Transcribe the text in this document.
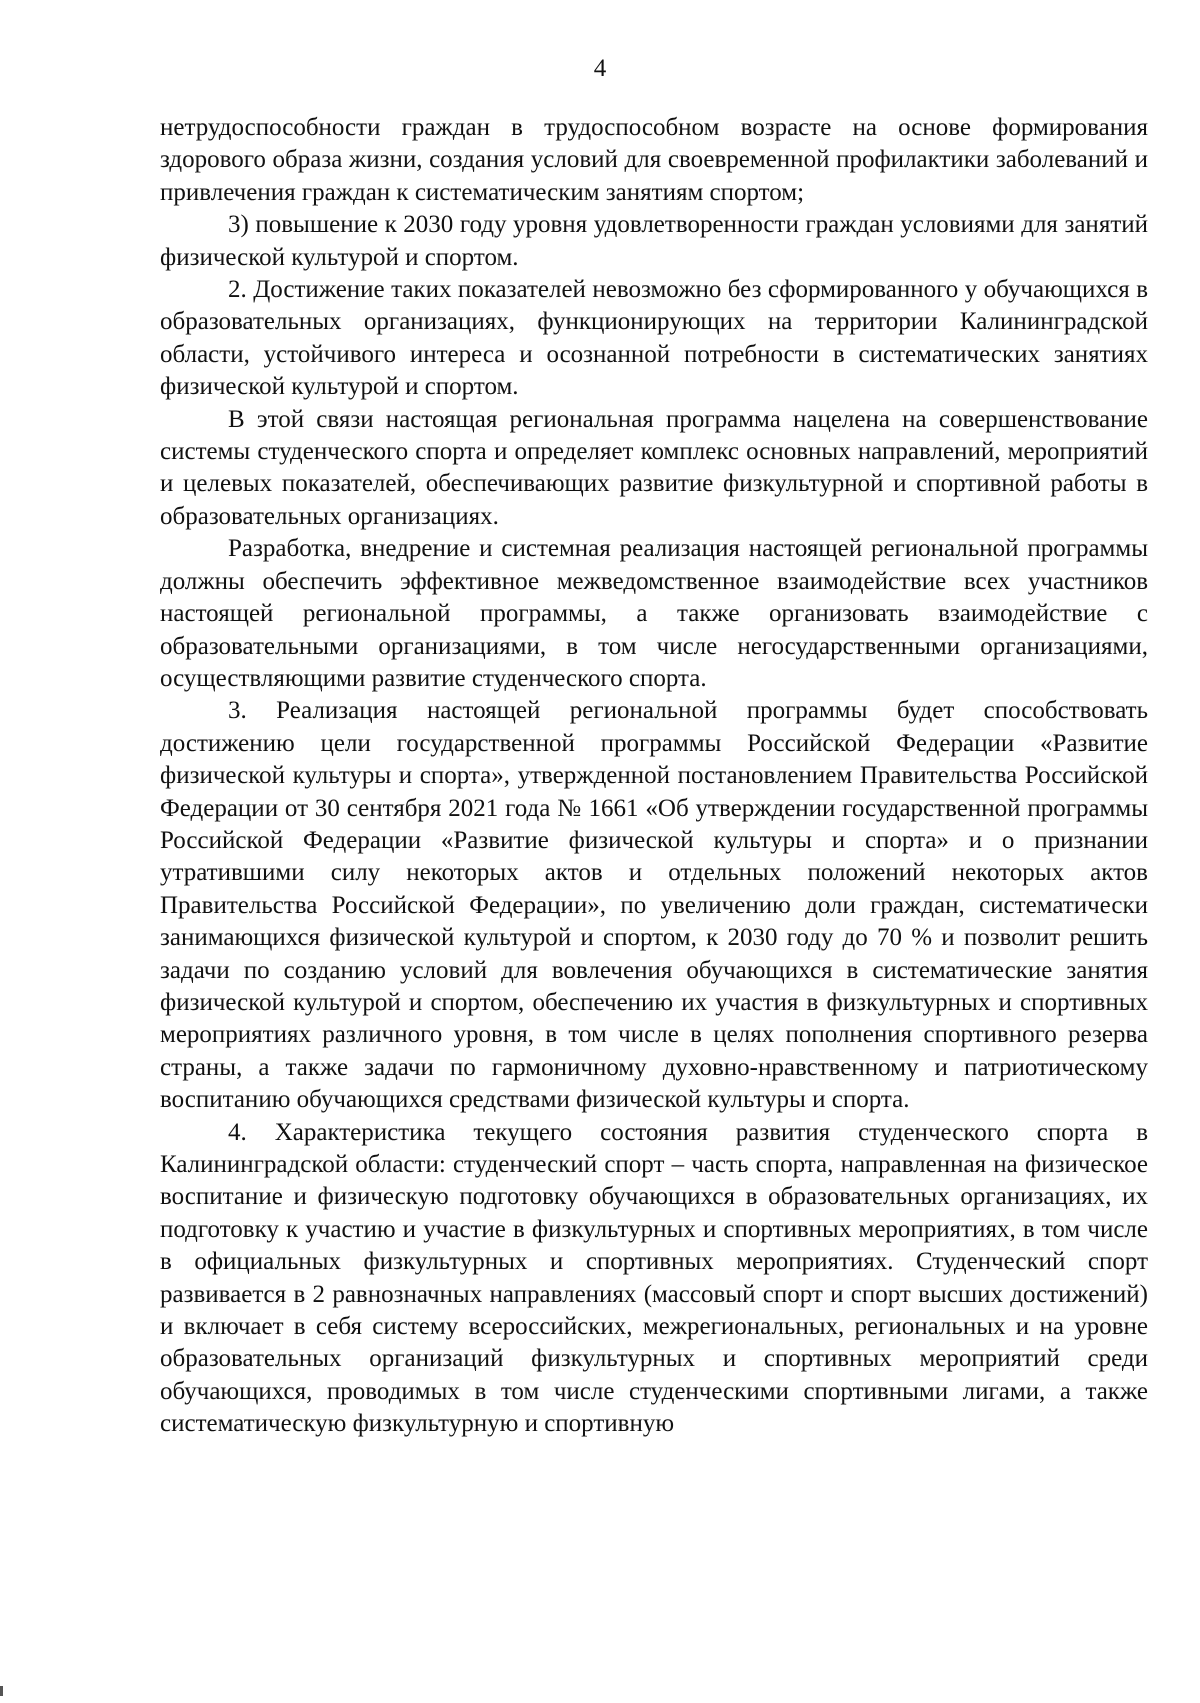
4

нетрудоспособности граждан в трудоспособном возрасте на основе формирования здорового образа жизни, создания условий для своевременной профилактики заболеваний и привлечения граждан к систематическим занятиям спортом;

3) повышение к 2030 году уровня удовлетворенности граждан условиями для занятий физической культурой и спортом.

2. Достижение таких показателей невозможно без сформированного у обучающихся в образовательных организациях, функционирующих на территории Калининградской области, устойчивого интереса и осознанной потребности в систематических занятиях физической культурой и спортом.

В этой связи настоящая региональная программа нацелена на совершенствование системы студенческого спорта и определяет комплекс основных направлений, мероприятий и целевых показателей, обеспечивающих развитие физкультурной и спортивной работы в образовательных организациях.

Разработка, внедрение и системная реализация настоящей региональной программы должны обеспечить эффективное межведомственное взаимодействие всех участников настоящей региональной программы, а также организовать взаимодействие с образовательными организациями, в том числе негосударственными организациями, осуществляющими развитие студенческого спорта.

3. Реализация настоящей региональной программы будет способствовать достижению цели государственной программы Российской Федерации «Развитие физической культуры и спорта», утвержденной постановлением Правительства Российской Федерации от 30 сентября 2021 года № 1661 «Об утверждении государственной программы Российской Федерации «Развитие физической культуры и спорта» и о признании утратившими силу некоторых актов и отдельных положений некоторых актов Правительства Российской Федерации», по увеличению доли граждан, систематически занимающихся физической культурой и спортом, к 2030 году до 70 % и позволит решить задачи по созданию условий для вовлечения обучающихся в систематические занятия физической культурой и спортом, обеспечению их участия в физкультурных и спортивных мероприятиях различного уровня, в том числе в целях пополнения спортивного резерва страны, а также задачи по гармоничному духовно-нравственному и патриотическому воспитанию обучающихся средствами физической культуры и спорта.

4. Характеристика текущего состояния развития студенческого спорта в Калининградской области: студенческий спорт – часть спорта, направленная на физическое воспитание и физическую подготовку обучающихся в образовательных организациях, их подготовку к участию и участие в физкультурных и спортивных мероприятиях, в том числе в официальных физкультурных и спортивных мероприятиях. Студенческий спорт развивается в 2 равнозначных направлениях (массовый спорт и спорт высших достижений) и включает в себя систему всероссийских, межрегиональных, региональных и на уровне образовательных организаций физкультурных и спортивных мероприятий среди обучающихся, проводимых в том числе студенческими спортивными лигами, а также систематическую физкультурную и спортивную
